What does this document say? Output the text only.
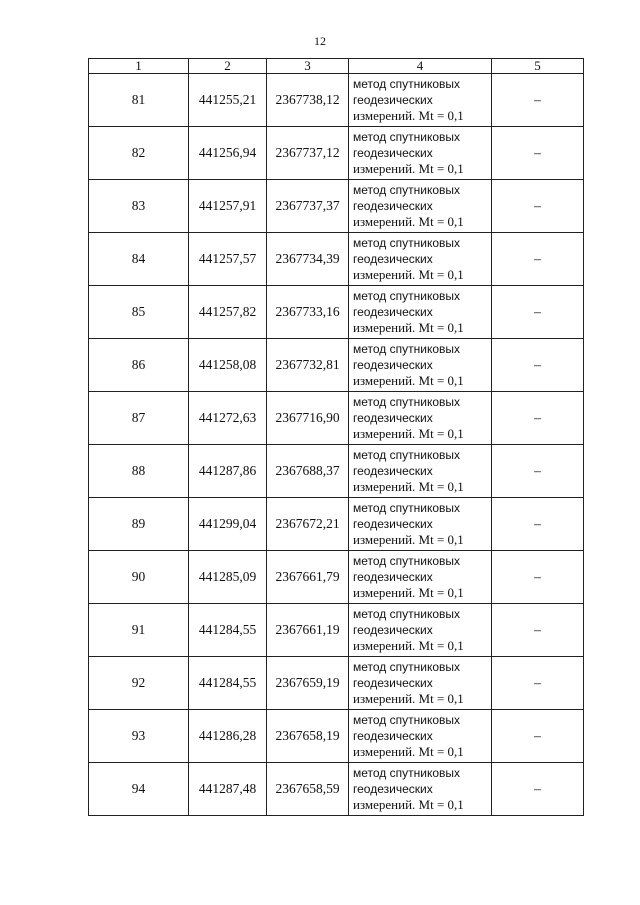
12
1	2	3	4	5
81	441255,21	2367738,12	метод спутниковых
геодезических
измерений. Mt = 0,1	–
82	441256,94	2367737,12	метод спутниковых
геодезических
измерений. Mt = 0,1	–
83	441257,91	2367737,37	метод спутниковых
геодезических
измерений. Mt = 0,1	–
84	441257,57	2367734,39	метод спутниковых
геодезических
измерений. Mt = 0,1	–
85	441257,82	2367733,16	метод спутниковых
геодезических
измерений. Mt = 0,1	–
86	441258,08	2367732,81	метод спутниковых
геодезических
измерений. Mt = 0,1	–
87	441272,63	2367716,90	метод спутниковых
геодезических
измерений. Mt = 0,1	–
88	441287,86	2367688,37	метод спутниковых
геодезических
измерений. Mt = 0,1	–
89	441299,04	2367672,21	метод спутниковых
геодезических
измерений. Mt = 0,1	–
90	441285,09	2367661,79	метод спутниковых
геодезических
измерений. Mt = 0,1	–
91	441284,55	2367661,19	метод спутниковых
геодезических
измерений. Mt = 0,1	–
92	441284,55	2367659,19	метод спутниковых
геодезических
измерений. Mt = 0,1	–
93	441286,28	2367658,19	метод спутниковых
геодезических
измерений. Mt = 0,1	–
94	441287,48	2367658,59	метод спутниковых
геодезических
измерений. Mt = 0,1	–
